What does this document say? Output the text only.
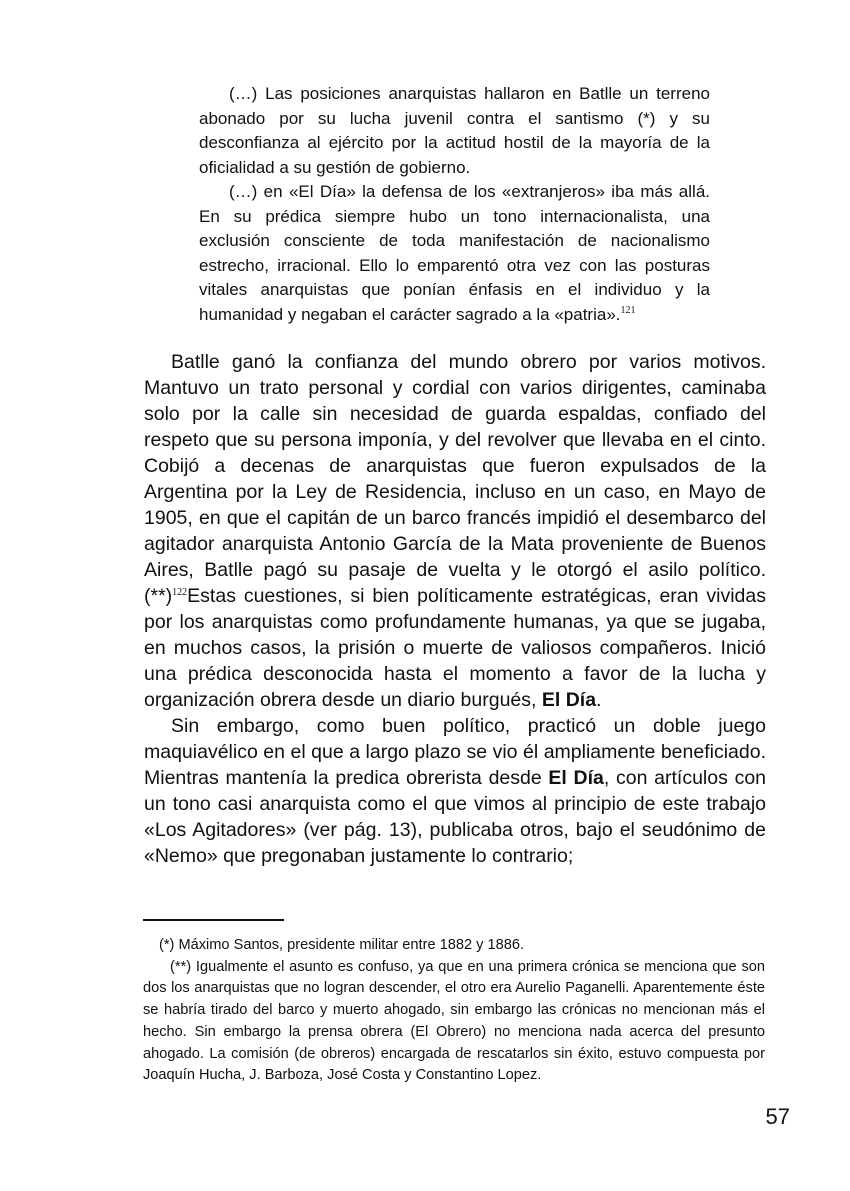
(…) Las posiciones anarquistas hallaron en Batlle un terreno abonado por su lucha juvenil contra el santismo (*) y su desconfianza al ejército por la actitud hostil de la mayoría de la oficialidad a su gestión de gobierno.

(…) en «El Día» la defensa de los «extranjeros» iba más allá. En su prédica siempre hubo un tono internacionalista, una exclusión consciente de toda manifestación de nacionalismo estrecho, irracional. Ello lo emparentó otra vez con las posturas vitales anarquistas que ponían énfasis en el individuo y la humanidad y negaban el carácter sagrado a la «patria».$^{121}$

Batlle ganó la confianza del mundo obrero por varios motivos. Mantuvo un trato personal y cordial con varios dirigentes, caminaba solo por la calle sin necesidad de guarda espaldas, confiado del respeto que su persona imponía, y del revolver que llevaba en el cinto. Cobijó a decenas de anarquistas que fueron expulsados de la Argentina por la Ley de Residencia, incluso en un caso, en Mayo de 1905, en que el capitán de un barco francés impidió el desembarco del agitador anarquista Antonio García de la Mata proveniente de Buenos Aires, Batlle pagó su pasaje de vuelta y le otorgó el asilo político.(**)$^{122}$Estas cuestiones, si bien políticamente estratégicas, eran vividas por los anarquistas como profundamente humanas, ya que se jugaba, en muchos casos, la prisión o muerte de valiosos compañeros. Inició una prédica desconocida hasta el momento a favor de la lucha y organización obrera desde un diario burgués, El Día.

Sin embargo, como buen político, practicó un doble juego maquiavélico en el que a largo plazo se vio él ampliamente beneficiado. Mientras mantenía la predica obrerista desde El Día, con artículos con un tono casi anarquista como el que vimos al principio de este trabajo «Los Agitadores» (ver pág. 13), publicaba otros, bajo el seudónimo de «Nemo» que pregonaban justamente lo contrario;

(*) Máximo Santos, presidente militar entre 1882 y 1886.

(**) Igualmente el asunto es confuso, ya que en una primera crónica se menciona que son dos los anarquistas que no logran descender, el otro era Aurelio Paganelli. Aparentemente éste se habría tirado del barco y muerto ahogado, sin embargo las crónicas no mencionan más el hecho. Sin embargo la prensa obrera (El Obrero) no menciona nada acerca del presunto ahogado. La comisión (de obreros) encargada de rescatarlos sin éxito, estuvo compuesta por Joaquín Hucha, J. Barboza, José Costa y Constantino Lopez.

57
